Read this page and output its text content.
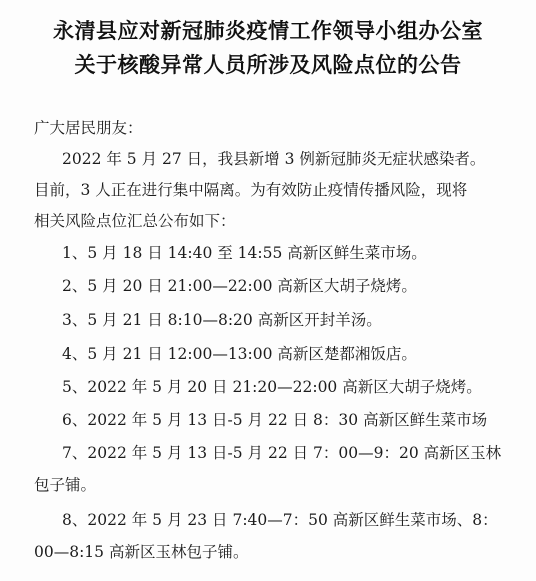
永清县应对新冠肺炎疫情工作领导小组办公室
关于核酸异常人员所涉及风险点位的公告
广大居民朋友：
2022 年 5 月 27 日，我县新增 3 例新冠肺炎无症状感染者。
目前，3 人正在进行集中隔离。为有效防止疫情传播风险，现将
相关风险点位汇总公布如下：
1、5 月 18 日 14:40 至 14:55 高新区鲜生菜市场。
2、5 月 20 日 21:00—22:00 高新区大胡子烧烤。
3、5 月 21 日 8:10—8:20 高新区开封羊汤。
4、5 月 21 日 12:00—13:00 高新区楚都湘饭店。
5、2022 年 5 月 20 日 21:20—22:00 高新区大胡子烧烤。
6、2022 年 5 月 13 日-5 月 22 日 8：30 高新区鲜生菜市场
7、2022 年 5 月 13 日-5 月 22 日 7：00—9：20 高新区玉林
包子铺。
8、2022 年 5 月 23 日 7:40—7：50 高新区鲜生菜市场、8：
00—8:15 高新区玉林包子铺。
